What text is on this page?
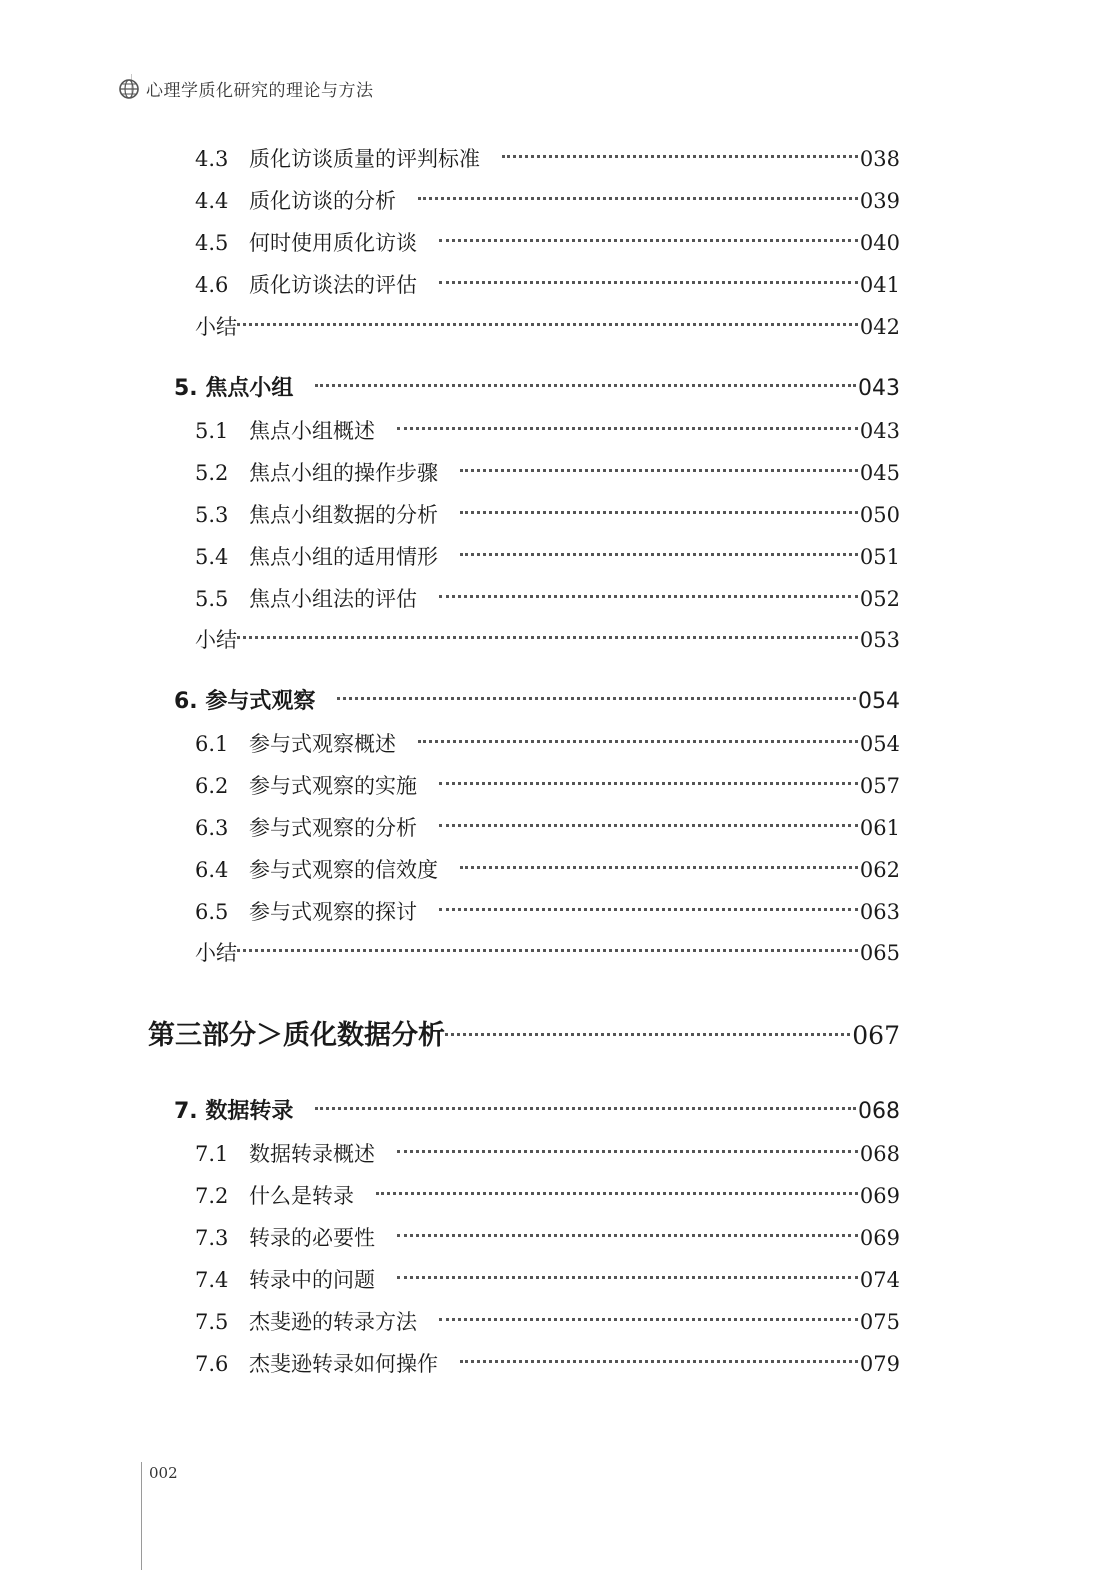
心理学质化研究的理论与方法
4.3 质化访谈质量的评判标准	038
4.4 质化访谈的分析	039
4.5 何时使用质化访谈	040
4.6 质化访谈法的评估	041
小结	042
5. 焦点小组	043
5.1 焦点小组概述	043
5.2 焦点小组的操作步骤	045
5.3 焦点小组数据的分析	050
5.4 焦点小组的适用情形	051
5.5 焦点小组法的评估	052
小结	053
6. 参与式观察	054
6.1 参与式观察概述	054
6.2 参与式观察的实施	057
6.3 参与式观察的分析	061
6.4 参与式观察的信效度	062
6.5 参与式观察的探讨	063
小结	065
第三部分＞质化数据分析	067
7. 数据转录	068
7.1 数据转录概述	068
7.2 什么是转录	069
7.3 转录的必要性	069
7.4 转录中的问题	074
7.5 杰斐逊的转录方法	075
7.6 杰斐逊转录如何操作	079
002
